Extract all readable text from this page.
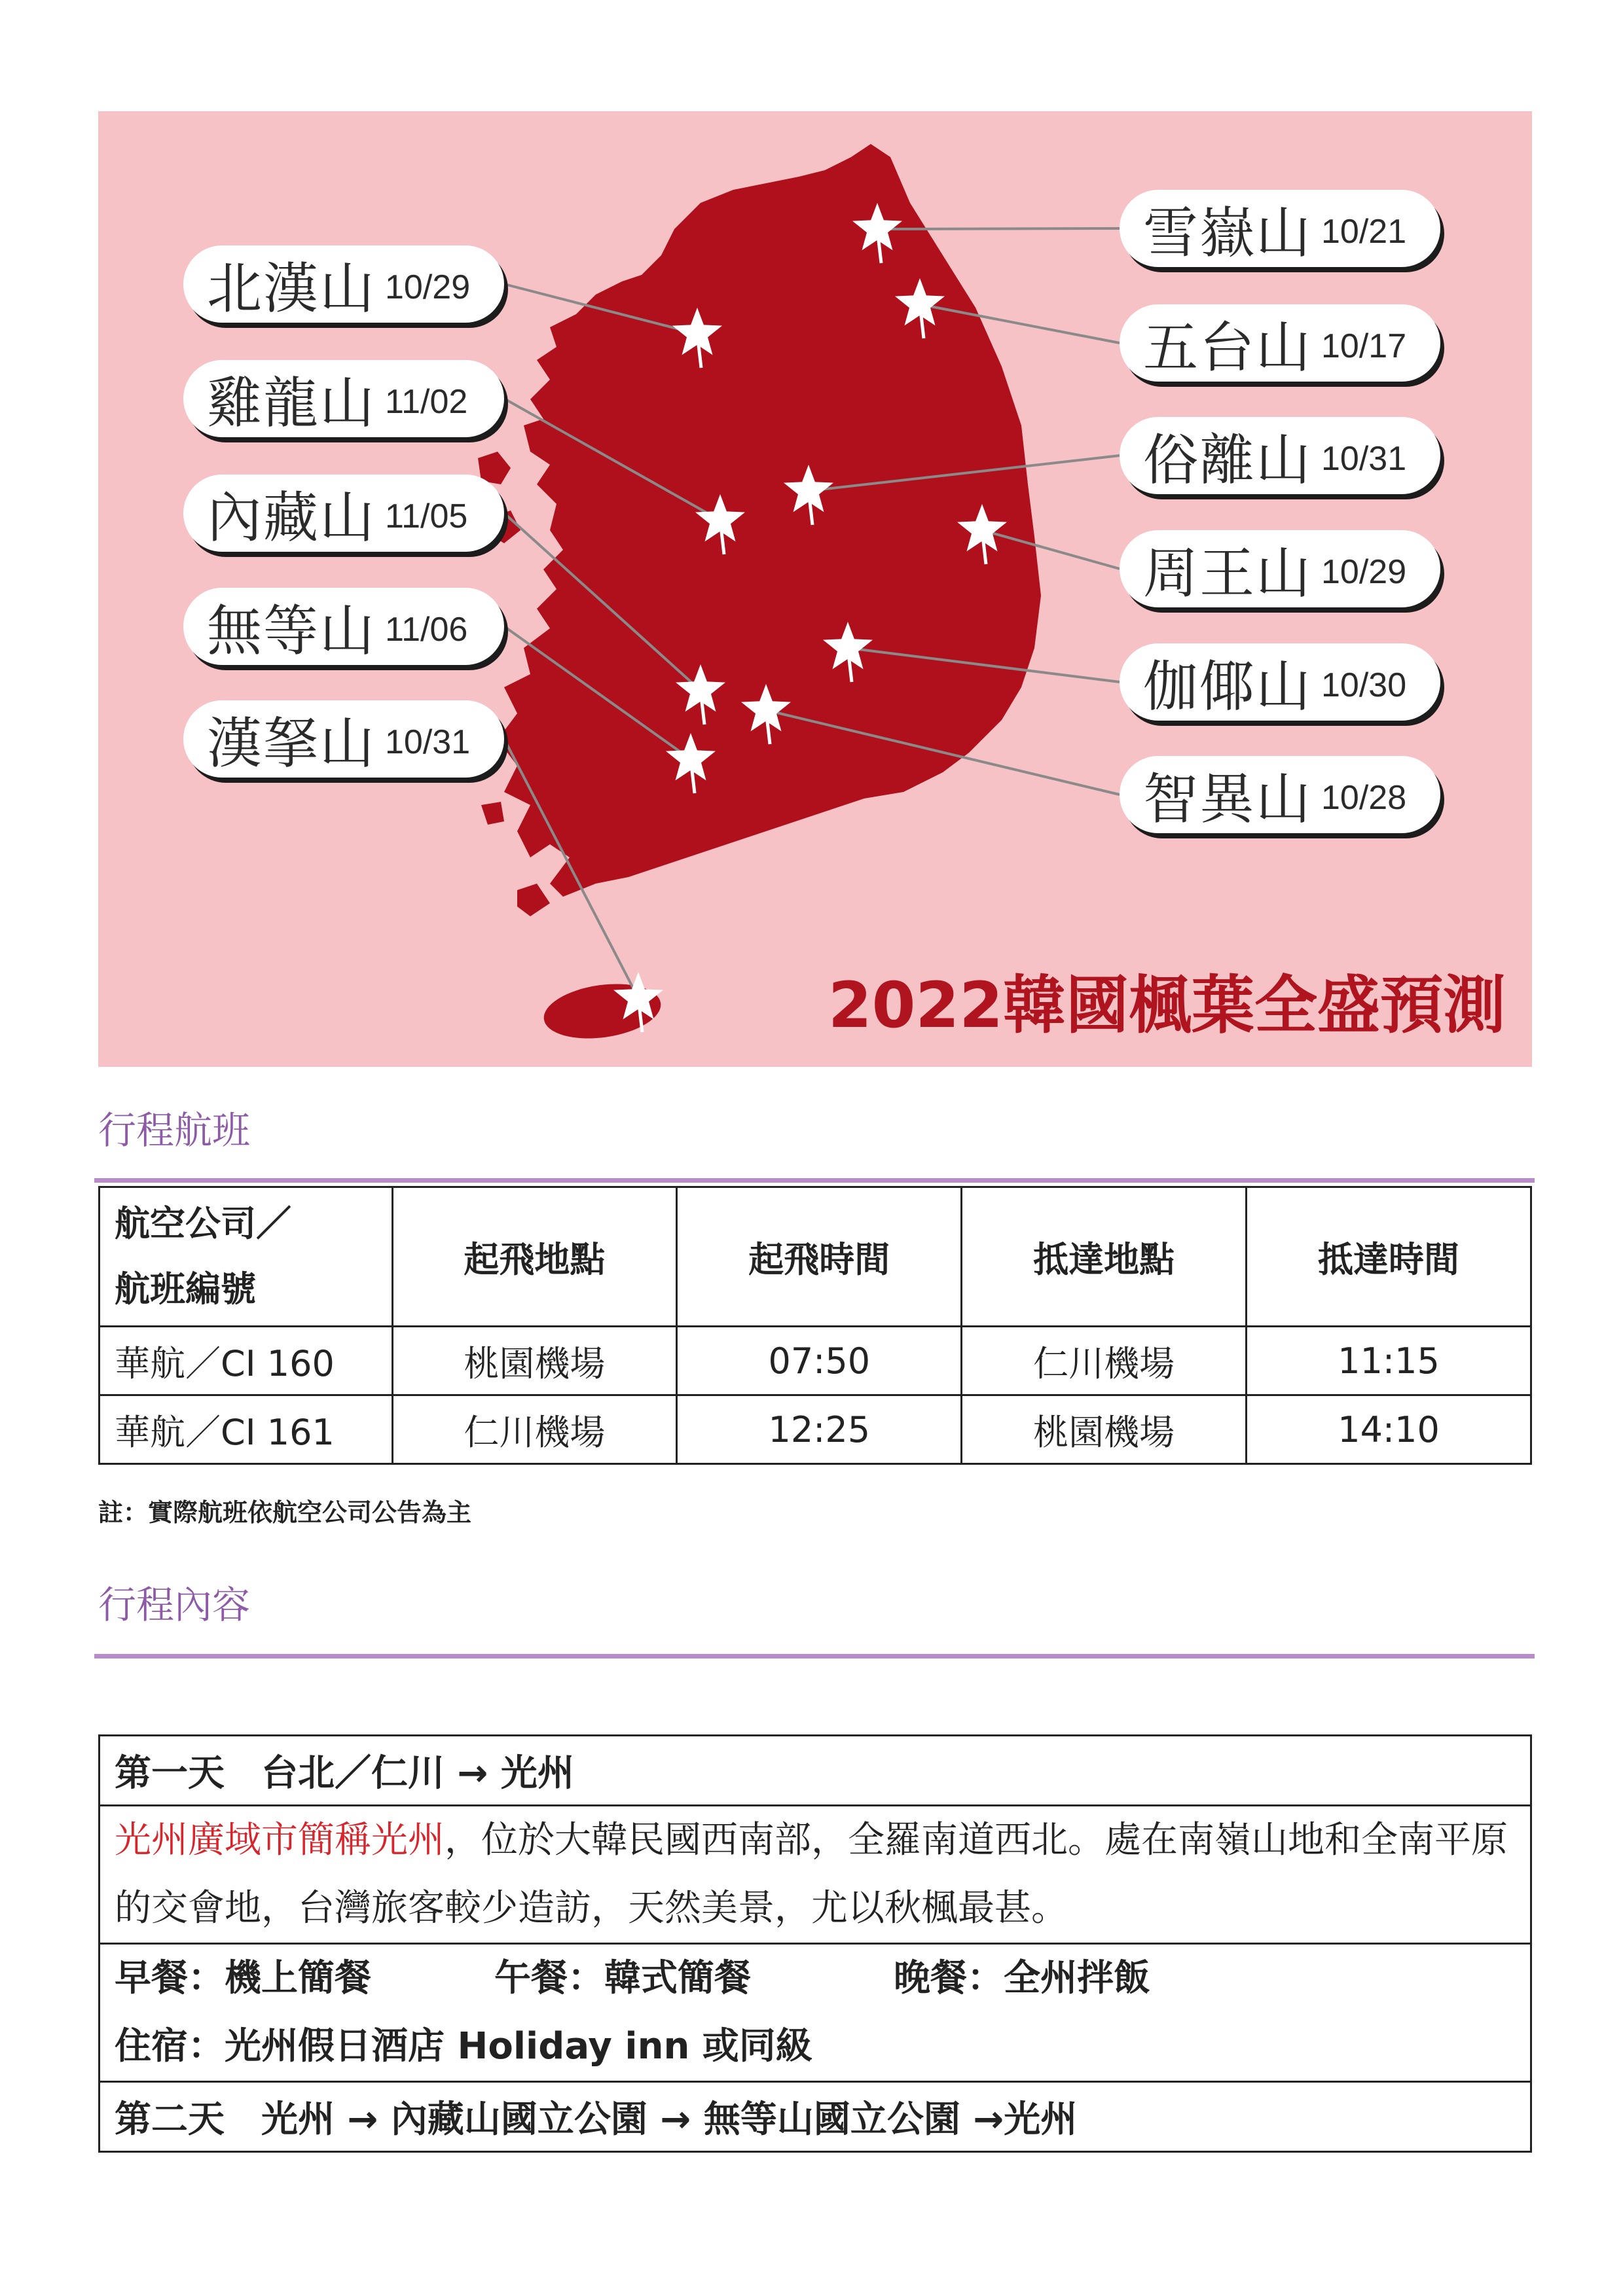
北漢山 10/29
雞龍山 11/02
內藏山 11/05
無等山 11/06
漢拏山 10/31
雪嶽山 10/21
五台山 10/17
俗離山 10/31
周王山 10/29
伽倻山 10/30
智異山 10/28
2022韓國楓葉全盛預測
行程航班
航空公司／
航班編號	起飛地點	起飛時間	抵達地點	抵達時間
華航／CI 160	桃園機場	07:50	仁川機場	11:15
華航／CI 161	仁川機場	12:25	桃園機場	14:10
註：實際航班依航空公司公告為主
行程內容
第一天　台北／仁川 → 光州
光州廣域市簡稱光州，位於大韓民國西南部，全羅南道西北。處在南嶺山地和全南平原的交會地，台灣旅客較少造訪，天然美景，尤以秋楓最甚。
早餐：機上簡餐	午餐：韓式簡餐	晚餐：全州拌飯
住宿：光州假日酒店 Holiday inn 或同級
第二天　光州 → 內藏山國立公園 → 無等山國立公園 →光州
